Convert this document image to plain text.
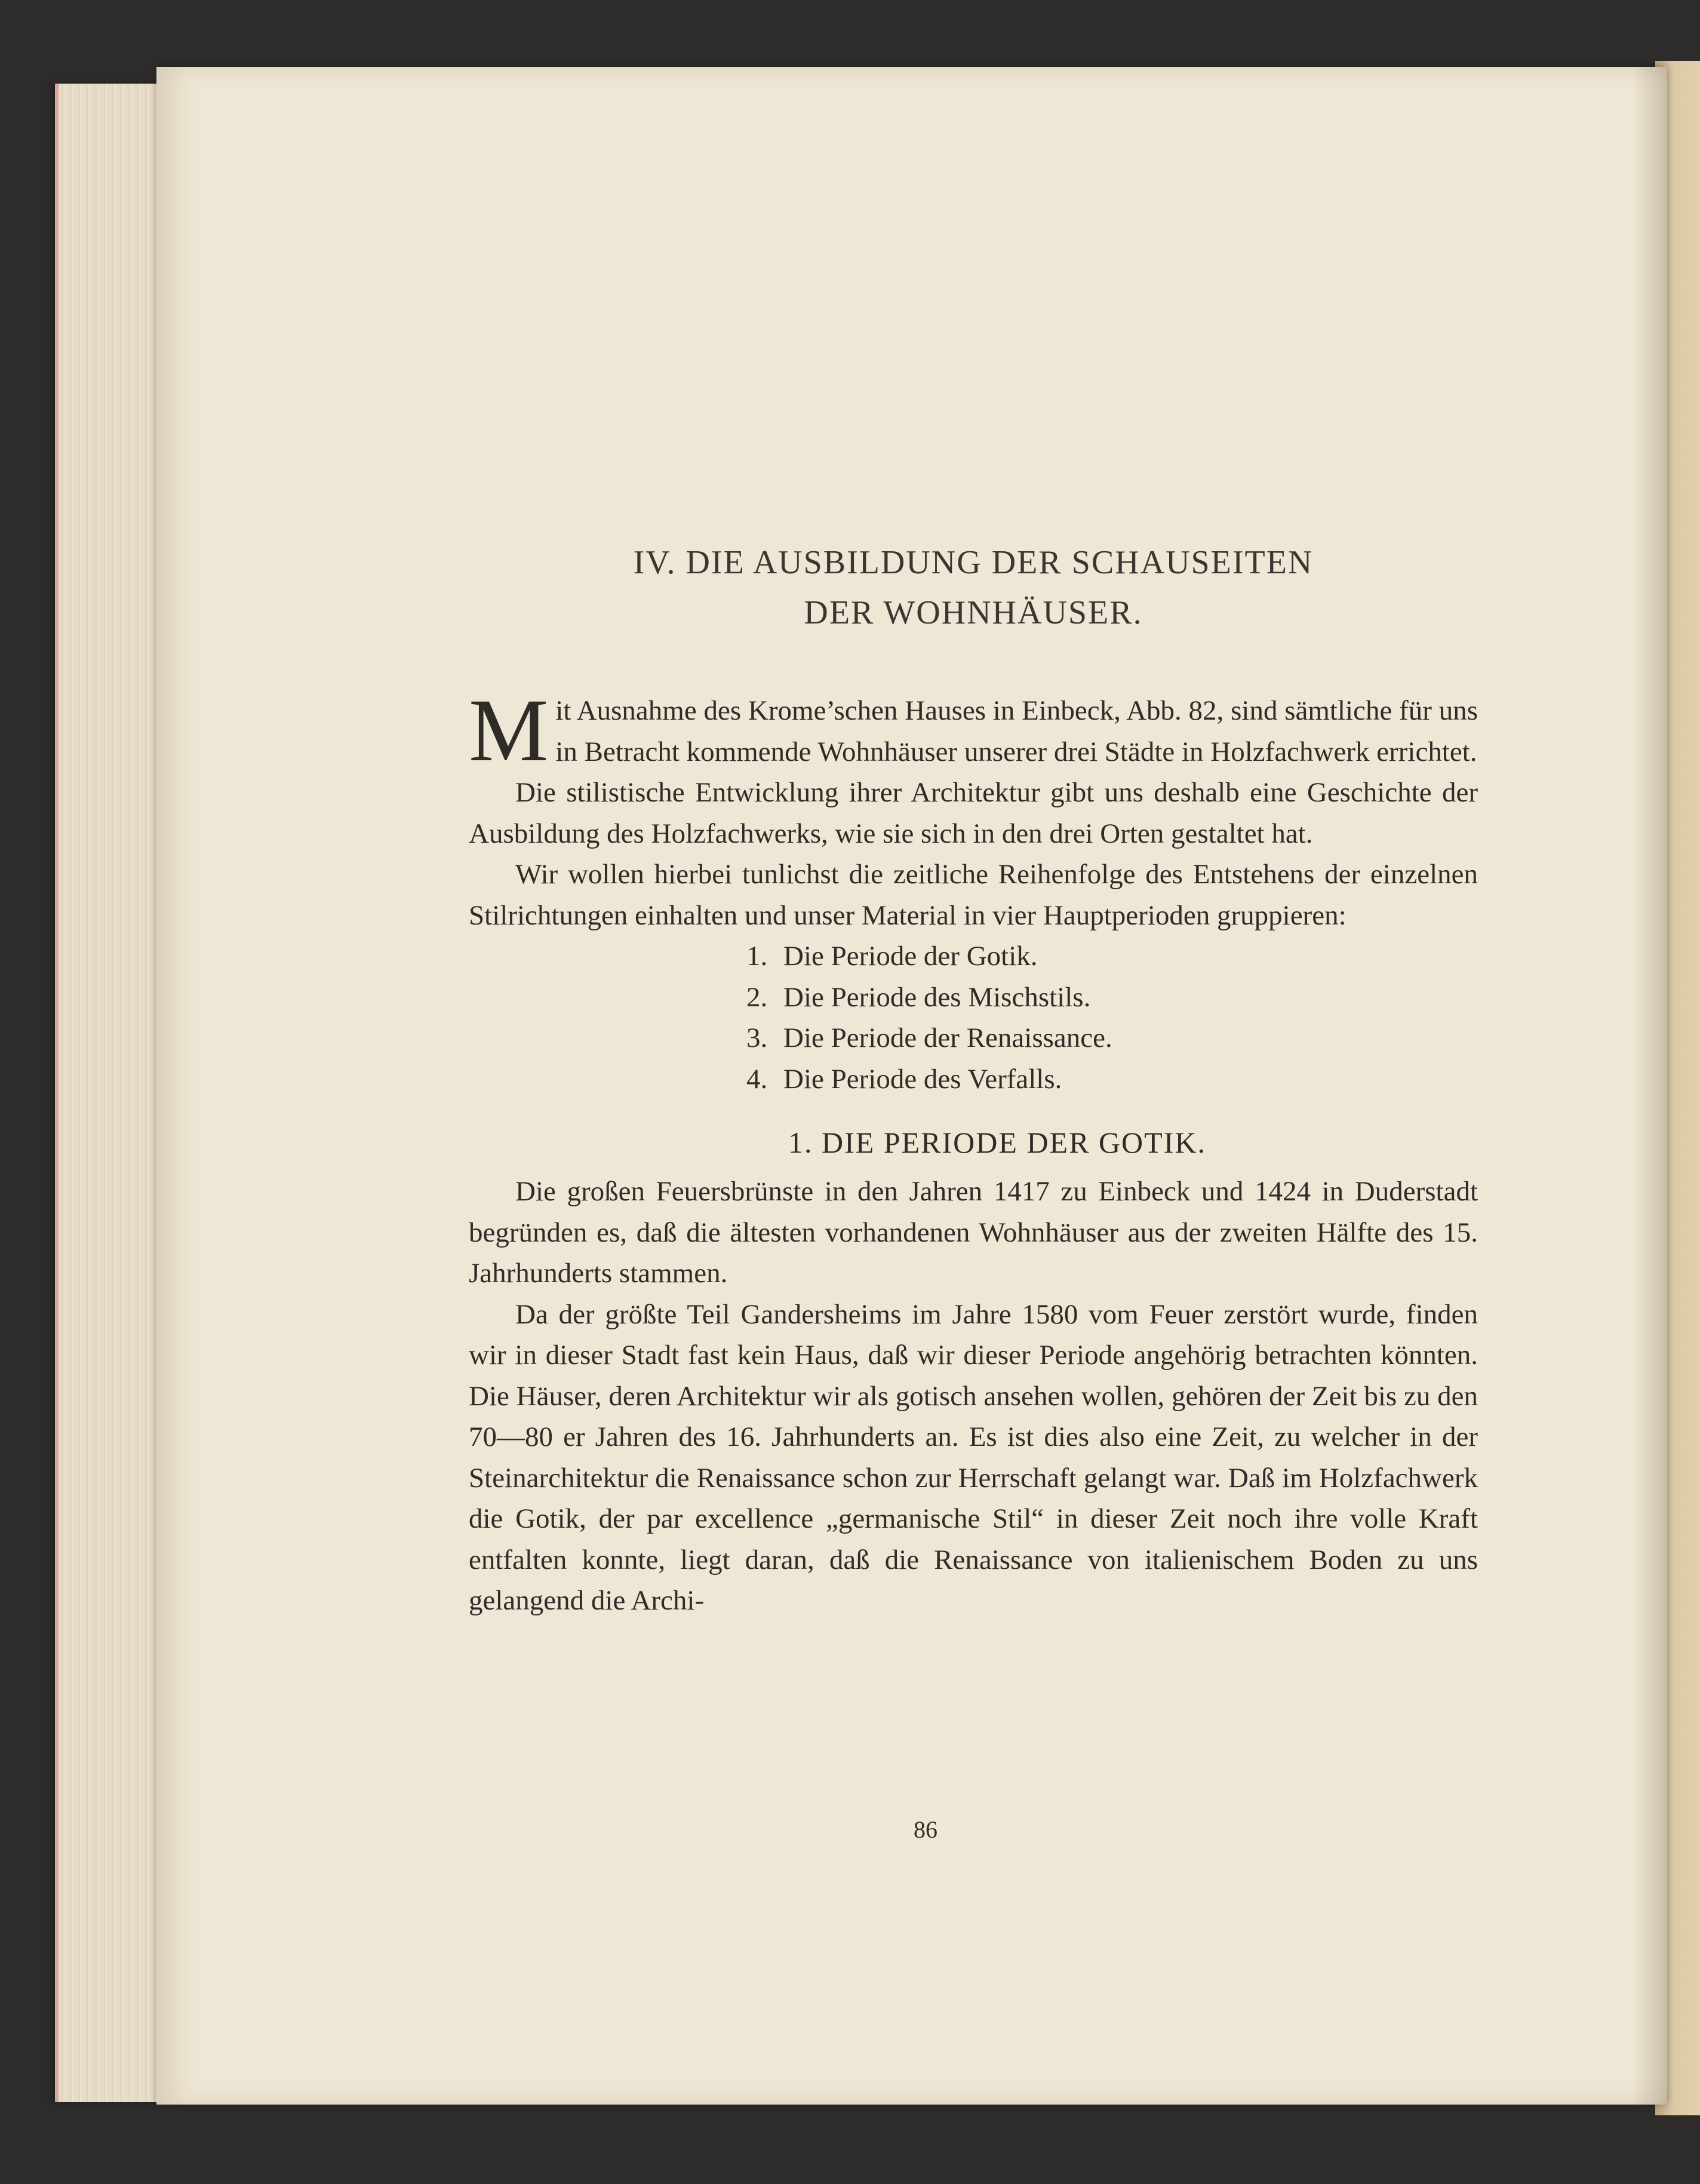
IV. DIE AUSBILDUNG DER SCHAUSEITEN
DER WOHNHÄUSER.

Mit Ausnahme des Krome’schen Hauses in Einbeck, Abb. 82, sind sämtliche für uns in Betracht kommende Wohnhäuser unserer drei Städte in Holzfachwerk errichtet.

Die stilistische Entwicklung ihrer Architektur gibt uns deshalb eine Geschichte der Ausbildung des Holzfachwerks, wie sie sich in den drei Orten gestaltet hat.

Wir wollen hierbei tunlichst die zeitliche Reihenfolge des Entstehens der einzelnen Stilrichtungen einhalten und unser Material in vier Hauptperioden gruppieren:

1. Die Periode der Gotik.
2. Die Periode des Mischstils.
3. Die Periode der Renaissance.
4. Die Periode des Verfalls.
1. DIE PERIODE DER GOTIK.

Die großen Feuersbrünste in den Jahren 1417 zu Einbeck und 1424 in Duderstadt begründen es, daß die ältesten vorhandenen Wohnhäuser aus der zweiten Hälfte des 15. Jahrhunderts stammen.

Da der größte Teil Gandersheims im Jahre 1580 vom Feuer zerstört wurde, finden wir in dieser Stadt fast kein Haus, daß wir dieser Periode angehörig betrachten könnten. Die Häuser, deren Architektur wir als gotisch ansehen wollen, gehören der Zeit bis zu den 70—80 er Jahren des 16. Jahrhunderts an. Es ist dies also eine Zeit, zu welcher in der Steinarchitektur die Renaissance schon zur Herrschaft gelangt war. Daß im Holzfachwerk die Gotik, der par excellence „germanische Stil“ in dieser Zeit noch ihre volle Kraft entfalten konnte, liegt daran, daß die Renaissance von italienischem Boden zu uns gelangend die Archi-

86
